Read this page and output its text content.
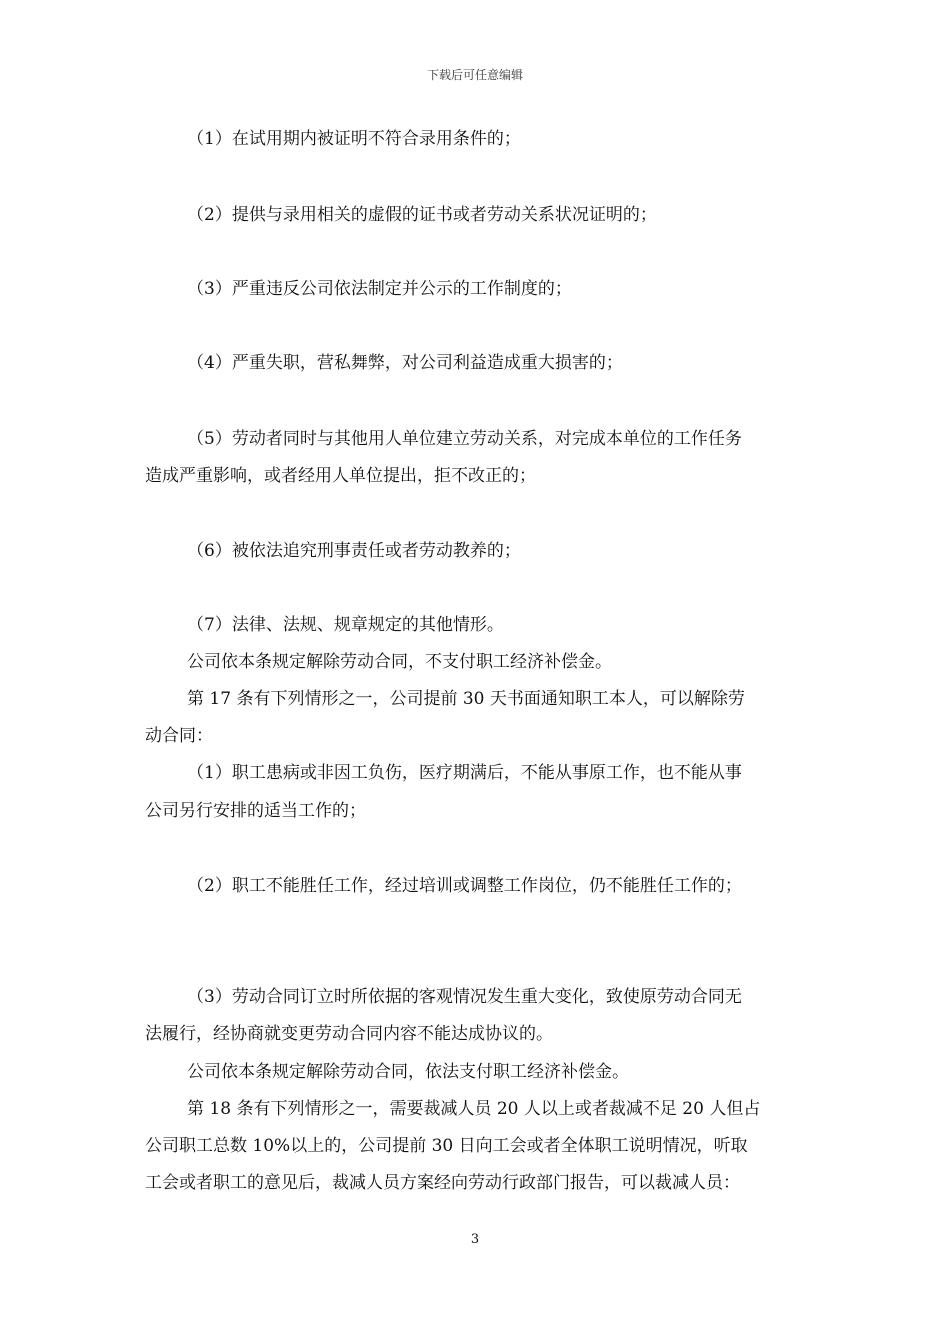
下载后可任意编辑
（1）在试用期内被证明不符合录用条件的；
（2）提供与录用相关的虚假的证书或者劳动关系状况证明的；
（3）严重违反公司依法制定并公示的工作制度的；
（4）严重失职，营私舞弊，对公司利益造成重大损害的；
（5）劳动者同时与其他用人单位建立劳动关系，对完成本单位的工作任务
造成严重影响，或者经用人单位提出，拒不改正的；
（6）被依法追究刑事责任或者劳动教养的；
（7）法律、法规、规章规定的其他情形。
公司依本条规定解除劳动合同，不支付职工经济补偿金。
第 17 条有下列情形之一，公司提前 30 天书面通知职工本人，可以解除劳
动合同：
（1）职工患病或非因工负伤，医疗期满后，不能从事原工作，也不能从事
公司另行安排的适当工作的；
（2）职工不能胜任工作，经过培训或调整工作岗位，仍不能胜任工作的；
（3）劳动合同订立时所依据的客观情况发生重大变化，致使原劳动合同无
法履行，经协商就变更劳动合同内容不能达成协议的。
公司依本条规定解除劳动合同，依法支付职工经济补偿金。
第 18 条有下列情形之一，需要裁减人员 20 人以上或者裁减不足 20 人但占
公司职工总数 10%以上的，公司提前 30 日向工会或者全体职工说明情况，听取
工会或者职工的意见后，裁减人员方案经向劳动行政部门报告，可以裁减人员：
3
